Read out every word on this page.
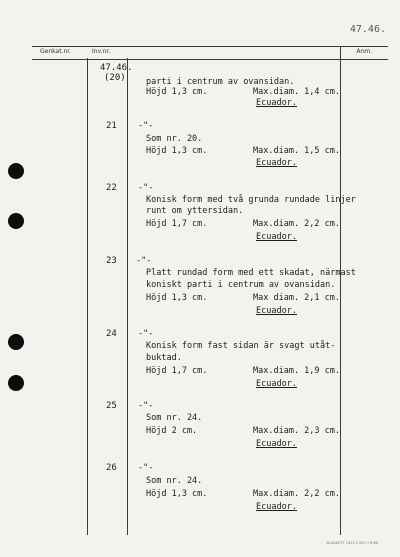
47.46.
Genkat.nr.	Inv.nr.	Anm.
47.46.
(20) parti i centrum av ovansidan.
Höjd 1,3 cm.	Max.diam. 1,4 cm.
Ecuador.
21 -"-
Som nr. 20.
Höjd 1,3 cm.	Max.diam. 1,5 cm.
Ecuador.
22 -"-
Konisk form med två grunda rundade linjer
runt om yttersidan.
Höjd 1,7 cm.	Max.diam. 2,2 cm.
Ecuador.
23 -"-
Platt rundad form med ett skadat, närmast
koniskt parti i centrum av ovansidan.
Höjd 1,3 cm.	Max diam. 2,1 cm.
Ecuador.
24 -"-
Konisk form fast sidan är svagt utåt-
buktad.
Höjd 1,7 cm.	Max.diam. 1,9 cm.
Ecuador.
25 -"-
Som nr. 24.
Höjd 2 cm.	Max.diam. 2,3 cm.
Ecuador.
26 -"-
Som nr. 24.
Höjd 1,3 cm.	Max.diam. 2,2 cm.
Ecuador.
BLANKETT 1423 2.000 7.6.66
